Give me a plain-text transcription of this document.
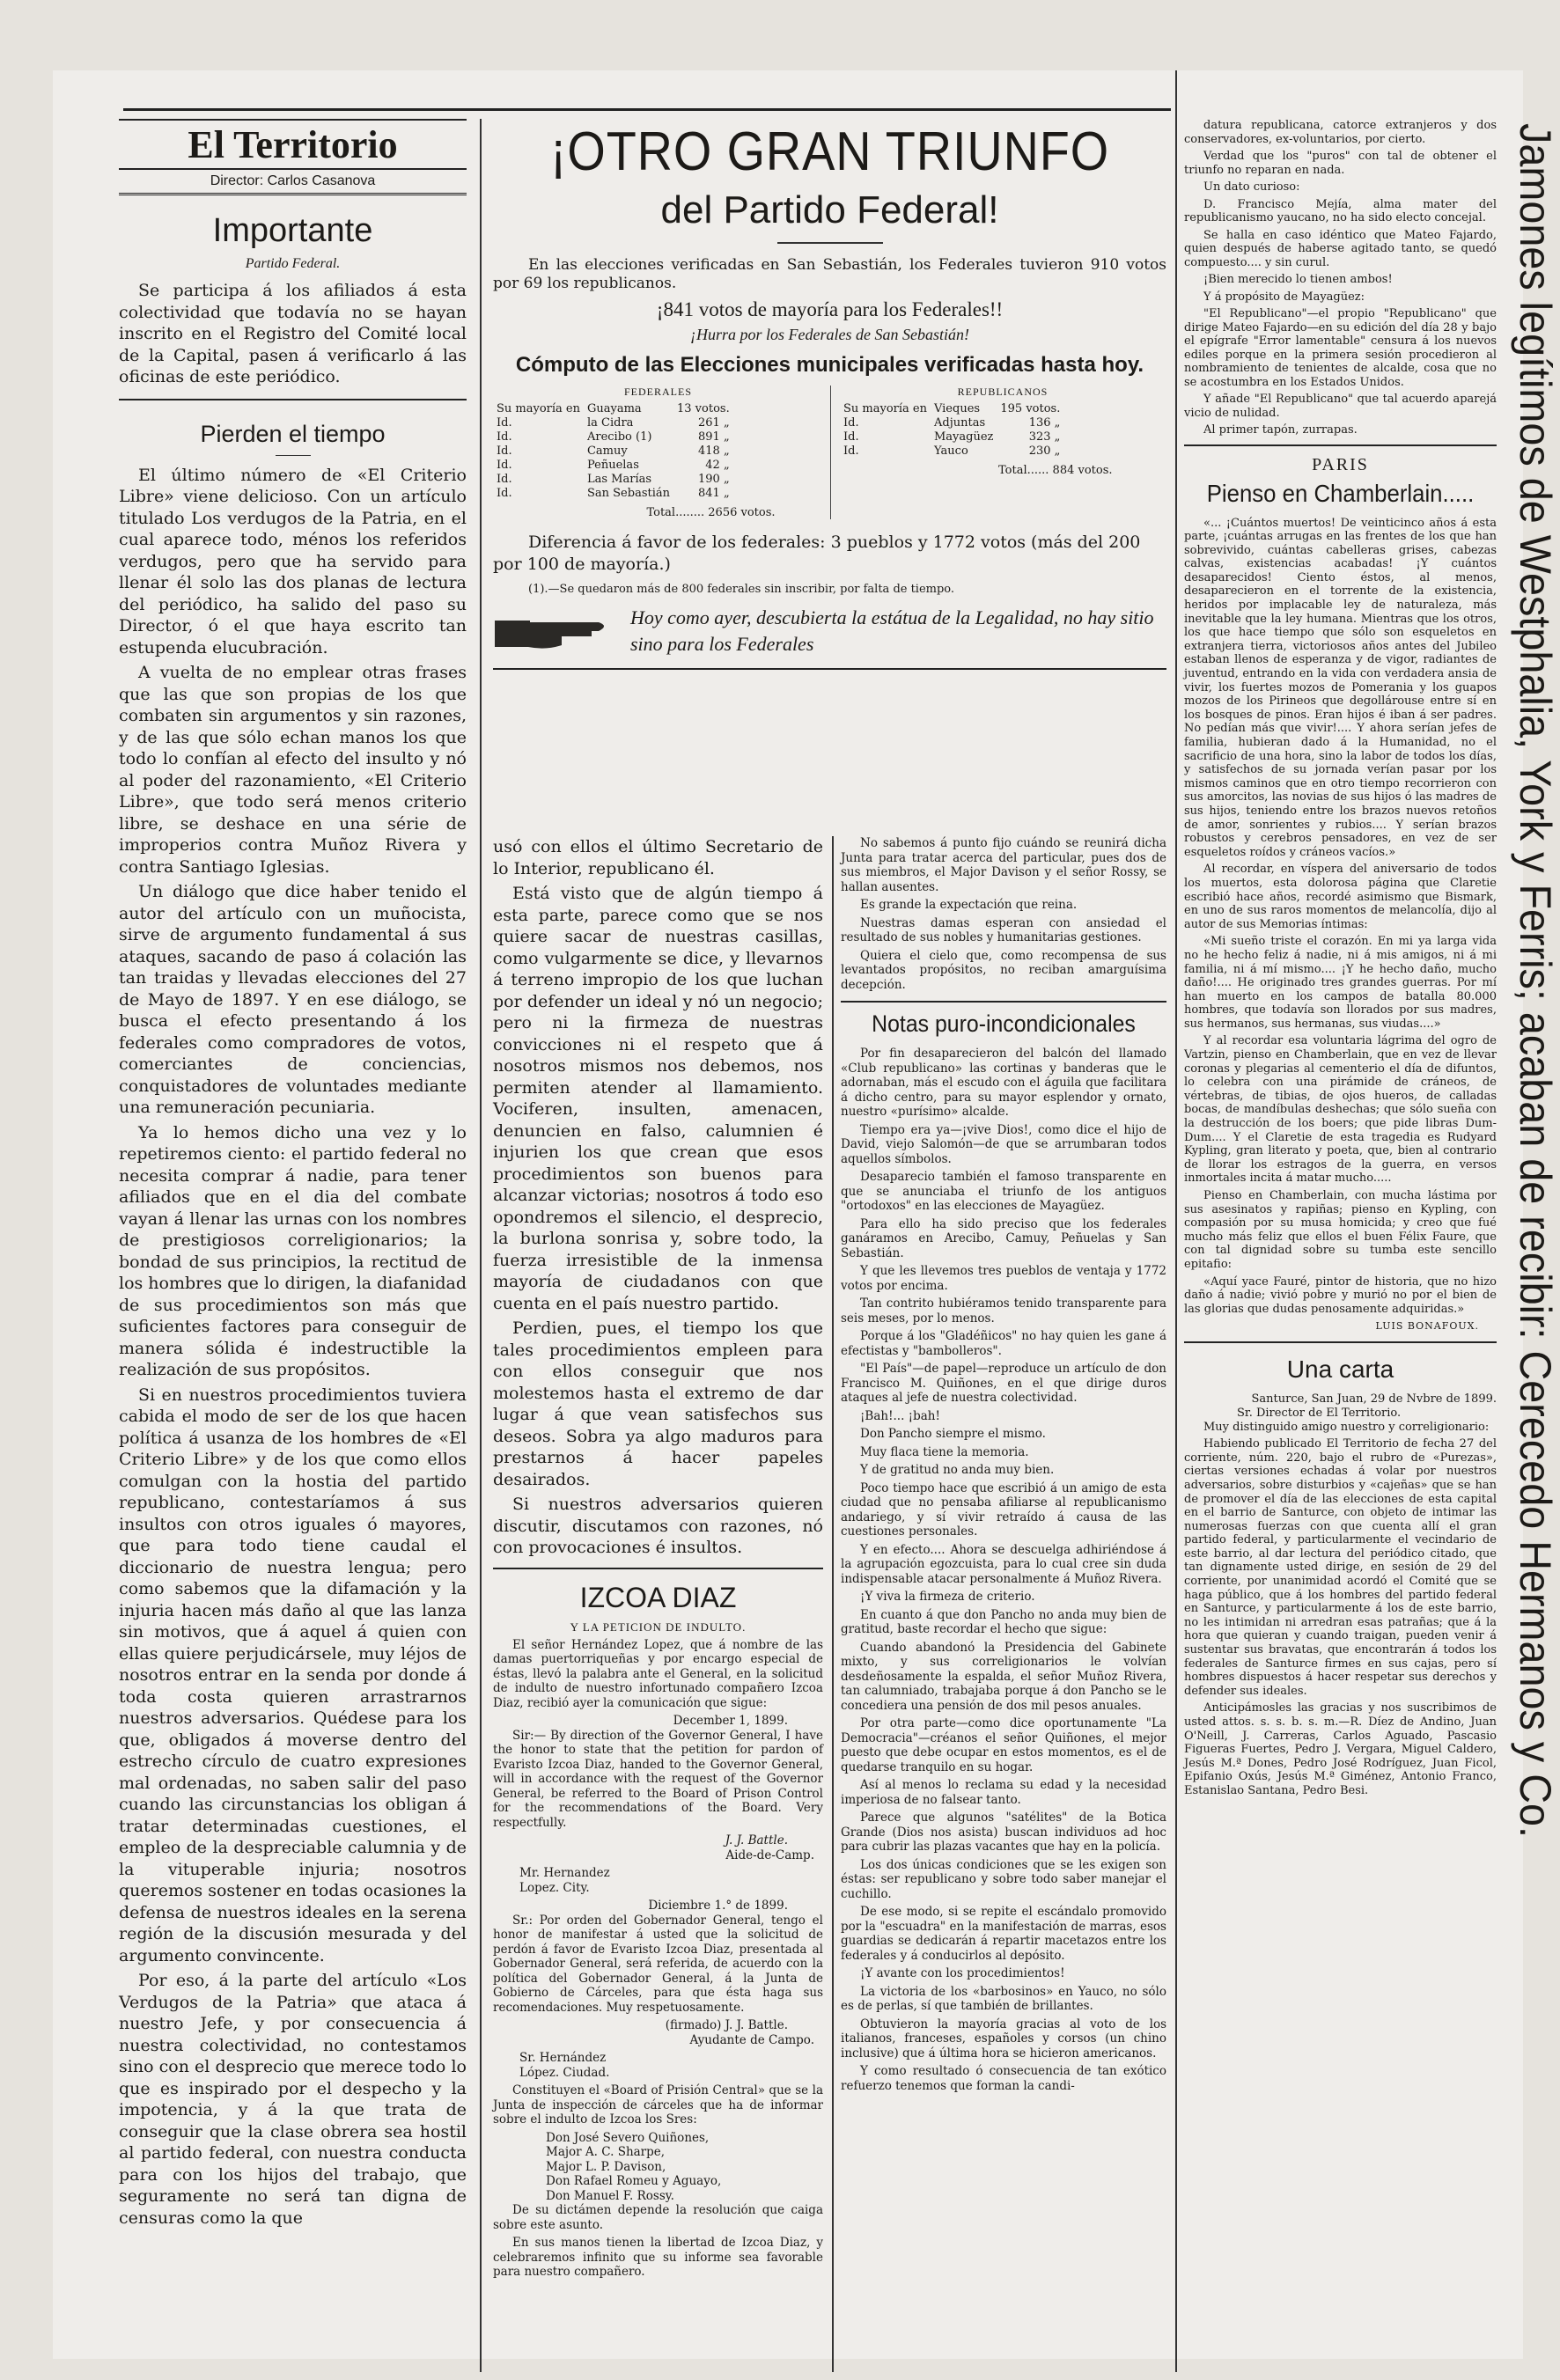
El Territorio
Director: Carlos Casanova
Importante
Partido Federal.

Se participa á los afiliados á esta colectividad que todavía no se hayan inscrito en el Registro del Comité local de la Capital, pasen á verificarlo á las oficinas de este periódico.

Pierden el tiempo

El último número de «El Criterio Libre» viene delicioso. Con un artículo titulado Los verdugos de la Patria, en el cual aparece todo, ménos los referidos verdugos, pero que ha servido para llenar él solo las dos planas de lectura del periódico, ha salido del paso su Director, ó el que haya escrito tan estupenda elucubración.

A vuelta de no emplear otras frases que las que son propias de los que combaten sin argumentos y sin razones, y de las que sólo echan manos los que todo lo confían al efecto del insulto y nó al poder del razonamiento, «El Criterio Libre», que todo será menos criterio libre, se deshace en una série de improperios contra Muñoz Rivera y contra Santiago Iglesias.

Un diálogo que dice haber tenido el autor del artículo con un muñocista, sirve de argumento fundamental á sus ataques, sacando de paso á colación las tan traidas y llevadas elecciones del 27 de Mayo de 1897. Y en ese diálogo, se busca el efecto presentando á los federales como compradores de votos, comerciantes de conciencias, conquistadores de voluntades mediante una remuneración pecuniaria.

Ya lo hemos dicho una vez y lo repetiremos ciento: el partido federal no necesita comprar á nadie, para tener afiliados que en el dia del combate vayan á llenar las urnas con los nombres de prestigiosos correligionarios; la bondad de sus principios, la rectitud de los hombres que lo dirigen, la diafanidad de sus procedimientos son más que suficientes factores para conseguir de manera sólida é indestructible la realización de sus propósitos.

Si en nuestros procedimientos tuviera cabida el modo de ser de los que hacen política á usanza de los hombres de «El Criterio Libre» y de los que como ellos comulgan con la hostia del partido republicano, contestaríamos á sus insultos con otros iguales ó mayores, que para todo tiene caudal el diccionario de nuestra lengua; pero como sabemos que la difamación y la injuria hacen más daño al que las lanza sin motivos, que á aquel á quien con ellas quiere perjudicársele, muy léjos de nosotros entrar en la senda por donde á toda costa quieren arrastrarnos nuestros adversarios. Quédese para los que, obligados á moverse dentro del estrecho círculo de cuatro expresiones mal ordenadas, no saben salir del paso cuando las circunstancias los obligan á tratar determinadas cuestiones, el empleo de la despreciable calumnia y de la vituperable injuria; nosotros queremos sostener en todas ocasiones la defensa de nuestros ideales en la serena región de la discusión mesurada y del argumento convincente.

Por eso, á la parte del artículo «Los Verdugos de la Patria» que ataca á nuestro Jefe, y por consecuencia á nuestra colectividad, no contestamos sino con el desprecio que merece todo lo que es inspirado por el despecho y la impotencia, y á la que trata de conseguir que la clase obrera sea hostil al partido federal, con nuestra conducta para con los hijos del trabajo, que seguramente no será tan digna de censuras como la que

¡OTRO GRAN TRIUNFO
del Partido Federal!
En las elecciones verificadas en San Sebastián, los Federales tuvieron 910 votos por 69 los republicanos.
¡841 votos de mayoría para los Federales!!
¡Hurra por los Federales de San Sebastián!
Cómputo de las Elecciones municipales verificadas hasta hoy.
FEDERALES
Su mayoría en	Guayama	13 votos.
Id.	la Cidra	261 „
Id.	Arecibo (1)	891 „
Id.	Camuy	418 „
Id.	Peñuelas	42 „
Id.	Las Marías	190 „
Id.	San Sebastián	841 „
Total........ 2656 votos.
REPUBLICANOS
Su mayoría en	Vieques	195 votos.
Id.	Adjuntas	136 „
Id.	Mayagüez	323 „
Id.	Yauco	230 „
Total...... 884 votos.
Diferencia á favor de los federales: 3 pueblos y 1772 votos (más del 200 por 100 de mayoría.)
(1).—Se quedaron más de 800 federales sin inscribir, por falta de tiempo.
Hoy como ayer, descubierta la estátua de la Legalidad, no hay sitio sino para los Federales

usó con ellos el último Secretario de lo Interior, republicano él.

Está visto que de algún tiempo á esta parte, parece como que se nos quiere sacar de nuestras casillas, como vulgarmente se dice, y llevarnos á terreno impropio de los que luchan por defender un ideal y nó un negocio; pero ni la firmeza de nuestras convicciones ni el respeto que á nosotros mismos nos debemos, nos permiten atender al llamamiento. Vociferen, insulten, amenacen, denuncien en falso, calumnien é injurien los que crean que esos procedimientos son buenos para alcanzar victorias; nosotros á todo eso opondremos el silencio, el desprecio, la burlona sonrisa y, sobre todo, la fuerza irresistible de la inmensa mayoría de ciudadanos con que cuenta en el país nuestro partido.

Perdien, pues, el tiempo los que tales procedimientos empleen para con ellos conseguir que nos molestemos hasta el extremo de dar lugar á que vean satisfechos sus deseos. Sobra ya algo maduros para prestarnos á hacer papeles desairados.

Si nuestros adversarios quieren discutir, discutamos con razones, nó con provocaciones é insultos.

IZCOA DIAZ
Y LA PETICION DE INDULTO.

El señor Hernández Lopez, que á nombre de las damas puertorriqueñas y por encargo especial de éstas, llevó la palabra ante el General, en la solicitud de indulto de nuestro infortunado compañero Izcoa Diaz, recibió ayer la comunicación que sigue:

December 1, 1899.

Sir:— By direction of the Governor General, I have the honor to state that the petition for pardon of Evaristo Izcoa Diaz, handed to the Governor General, will in accordance with the request of the Governor General, be referred to the Board of Prison Control for the recommendations of the Board. Very respectfully.

J. J. Battle.
Aide-de-Camp.
Mr. Hernandez Lopez. City.
Diciembre 1.° de 1899.

Sr.: Por orden del Gobernador General, tengo el honor de manifestar á usted que la solicitud de perdón á favor de Evaristo Izcoa Diaz, presentada al Gobernador General, será referida, de acuerdo con la política del Gobernador General, á la Junta de Gobierno de Cárceles, para que ésta haga sus recomendaciones. Muy respetuosamente.

(firmado) J. J. Battle.
Ayudante de Campo.
Sr. Hernández López. Ciudad.

Constituyen el «Board of Prisión Central» que se la Junta de inspección de cárceles que ha de informar sobre el indulto de Izcoa los Sres:

Don José Severo Quiñones,
Major A. C. Sharpe,
Major L. P. Davison,
Don Rafael Romeu y Aguayo,
Don Manuel F. Rossy.

De su dictámen depende la resolución que caiga sobre este asunto.

En sus manos tienen la libertad de Izcoa Diaz, y celebraremos infinito que su informe sea favorable para nuestro compañero.

No sabemos á punto fijo cuándo se reunirá dicha Junta para tratar acerca del particular, pues dos de sus miembros, el Major Davison y el señor Rossy, se hallan ausentes.

Es grande la expectación que reina.

Nuestras damas esperan con ansiedad el resultado de sus nobles y humanitarias gestiones.

Quiera el cielo que, como recompensa de sus levantados propósitos, no reciban amarguísima decepción.

Notas puro-incondicionales

Por fin desaparecieron del balcón del llamado «Club republicano» las cortinas y banderas que le adornaban, más el escudo con el águila que facilitara á dicho centro, para su mayor esplendor y ornato, nuestro «purísimo» alcalde.

Tiempo era ya—¡vive Dios!, como dice el hijo de David, viejo Salomón—de que se arrumbaran todos aquellos símbolos.

Desaparecio también el famoso transparente en que se anunciaba el triunfo de los antiguos "ortodoxos" en las elecciones de Mayagüez.

Para ello ha sido preciso que los federales ganáramos en Arecibo, Camuy, Peñuelas y San Sebastián.

Y que les llevemos tres pueblos de ventaja y 1772 votos por encima.

Tan contrito hubiéramos tenido transparente para seis meses, por lo menos.

Porque á los "Gladéñicos" no hay quien les gane á efectistas y "bambolleros".

"El País"—de papel—reproduce un artículo de don Francisco M. Quiñones, en el que dirige duros ataques al jefe de nuestra colectividad.

¡Bah!... ¡bah!

Don Pancho siempre el mismo.

Muy flaca tiene la memoria.

Y de gratitud no anda muy bien.

Poco tiempo hace que escribió á un amigo de esta ciudad que no pensaba afiliarse al republicanismo andariego, y sí vivir retraído á causa de las cuestiones personales.

Y en efecto.... Ahora se descuelga adhiriéndose á la agrupación egozcuista, para lo cual cree sin duda indispensable atacar personalmente á Muñoz Rivera.

¡Y viva la firmeza de criterio.

En cuanto á que don Pancho no anda muy bien de gratitud, baste recordar el hecho que sigue:

Cuando abandonó la Presidencia del Gabinete mixto, y sus correligionarios le volvían desdeñosamente la espalda, el señor Muñoz Rivera, tan calumniado, trabajaba porque á don Pancho se le concediera una pensión de dos mil pesos anuales.

Por otra parte—como dice oportunamente "La Democracia"—créanos el señor Quiñones, el mejor puesto que debe ocupar en estos momentos, es el de quedarse tranquilo en su hogar.

Así al menos lo reclama su edad y la necesidad imperiosa de no falsear tanto.

Parece que algunos "satélites" de la Botica Grande (Dios nos asista) buscan individuos ad hoc para cubrir las plazas vacantes que hay en la policía.

Los dos únicas condiciones que se les exigen son éstas: ser republicano y sobre todo saber manejar el cuchillo.

De ese modo, si se repite el escándalo promovido por la "escuadra" en la manifestación de marras, esos guardias se dedicarán á repartir macetazos entre los federales y á conducirlos al depósito.

¡Y avante con los procedimientos!

La victoria de los «barbosinos» en Yauco, no sólo es de perlas, sí que también de brillantes.

Obtuvieron la mayoría gracias al voto de los italianos, franceses, españoles y corsos (un chino inclusive) que á última hora se hicieron americanos.

Y como resultado ó consecuencia de tan exótico refuerzo tenemos que forman la candi-

datura republicana, catorce extranjeros y dos conservadores, ex-voluntarios, por cierto.

Verdad que los "puros" con tal de obtener el triunfo no reparan en nada.

Un dato curioso:

D. Francisco Mejía, alma mater del republicanismo yaucano, no ha sido electo concejal.

Se halla en caso idéntico que Mateo Fajardo, quien después de haberse agitado tanto, se quedó compuesto.... y sin curul.

¡Bien merecido lo tienen ambos!

Y á propósito de Mayagüez:

"El Republicano"—el propio "Republicano" que dirige Mateo Fajardo—en su edición del día 28 y bajo el epígrafe "Error lamentable" censura á los nuevos ediles porque en la primera sesión procedieron al nombramiento de tenientes de alcalde, cosa que no se acostumbra en los Estados Unidos.

Y añade "El Republicano" que tal acuerdo aparejá vicio de nulidad.

Al primer tapón, zurrapas.

PARIS
Pienso en Chamberlain.....

«... ¡Cuántos muertos! De veinticinco años á esta parte, ¡cuántas arrugas en las frentes de los que han sobrevivido, cuántas cabelleras grises, cabezas calvas, existencias acabadas! ¡Y cuántos desaparecidos! Ciento éstos, al menos, desaparecieron en el torrente de la existencia, heridos por implacable ley de naturaleza, más inevitable que la ley humana. Mientras que los otros, los que hace tiempo que sólo son esqueletos en extranjera tierra, victoriosos años antes del Jubileo estaban llenos de esperanza y de vigor, radiantes de juventud, entrando en la vida con verdadera ansia de vivir, los fuertes mozos de Pomerania y los guapos mozos de los Pirineos que degollárouse entre sí en los bosques de pinos. Eran hijos é iban á ser padres. No pedían más que vivir!.... Y ahora serían jefes de familia, hubieran dado á la Humanidad, no el sacrificio de una hora, sino la labor de todos los días, y satisfechos de su jornada verían pasar por los mismos caminos que en otro tiempo recorrieron con sus amorcitos, las novias de sus hijos ó las madres de sus hijos, teniendo entre los brazos nuevos retoños de amor, sonrientes y rubios.... Y serían brazos robustos y cerebros pensadores, en vez de ser esqueletos roídos y cráneos vacíos.»

Al recordar, en víspera del aniversario de todos los muertos, esta dolorosa página que Claretie escribió hace años, recordé asimismo que Bismark, en uno de sus raros momentos de melancolía, dijo al autor de sus Memorias íntimas:

«Mi sueño triste el corazón. En mi ya larga vida no he hecho feliz á nadie, ni á mis amigos, ni á mi familia, ni á mí mismo.... ¡Y he hecho daño, mucho daño!.... He originado tres grandes guerras. Por mí han muerto en los campos de batalla 80.000 hombres, que todavía son llorados por sus madres, sus hermanos, sus hermanas, sus viudas....»

Y al recordar esa voluntaria lágrima del ogro de Vartzin, pienso en Chamberlain, que en vez de llevar coronas y plegarias al cementerio el día de difuntos, lo celebra con una pirámide de cráneos, de vértebras, de tibias, de ojos hueros, de calladas bocas, de mandíbulas deshechas; que sólo sueña con la destrucción de los boers; que pide libras Dum-Dum.... Y el Claretie de esta tragedia es Rudyard Kypling, gran literato y poeta, que, bien al contrario de llorar los estragos de la guerra, en versos inmortales incita á matar mucho.....

Pienso en Chamberlain, con mucha lástima por sus asesinatos y rapiñas; pienso en Kypling, con compasión por su musa homicida; y creo que fué mucho más feliz que ellos el buen Félix Faure, que con tal dignidad sobre su tumba este sencillo epitafio:

«Aquí yace Fauré, pintor de historia, que no hizo daño á nadie; vivió pobre y murió no por el bien de las glorias que dudas penosamente adquiridas.»

LUIS BONAFOUX.
Una carta
Santurce, San Juan, 29 de Nvbre de 1899.
Sr. Director de El Territorio.

Muy distinguido amigo nuestro y correligionario:

Habiendo publicado El Territorio de fecha 27 del corriente, núm. 220, bajo el rubro de «Purezas», ciertas versiones echadas á volar por nuestros adversarios, sobre disturbios y «cajeñas» que se han de promover el día de las elecciones de esta capital en el barrio de Santurce, con objeto de intimar las numerosas fuerzas con que cuenta allí el gran partido federal, y particularmente el vecindario de este barrio, al dar lectura del periódico citado, que tan dignamente usted dirige, en sesión de 29 del corriente, por unanimidad acordó el Comité que se haga público, que á los hombres del partido federal en Santurce, y particularmente á los de este barrio, no les intimidan ni arredran esas patrañas; que á la hora que quieran y cuando traigan, pueden venir á sustentar sus bravatas, que encontrarán á todos los federales de Santurce firmes en sus cajas, pero sí hombres dispuestos á hacer respetar sus derechos y defender sus ideales.

Anticipámosles las gracias y nos suscribimos de usted attos. s. s. b. s. m.—R. Díez de Andino, Juan O'Neill, J. Carreras, Carlos Aguado, Pascasio Figueras Fuertes, Pedro J. Vergara, Miguel Caldero, Jesús M.ª Dones, Pedro José Rodríguez, Juan Ficol, Epifanio Oxús, Jesús M.ª Giménez, Antonio Franco, Estanislao Santana, Pedro Besi.	Jamones legítimos de Westphalia, York y Ferris; acaban de recibir: Cerecedo Hermanos y Co.
